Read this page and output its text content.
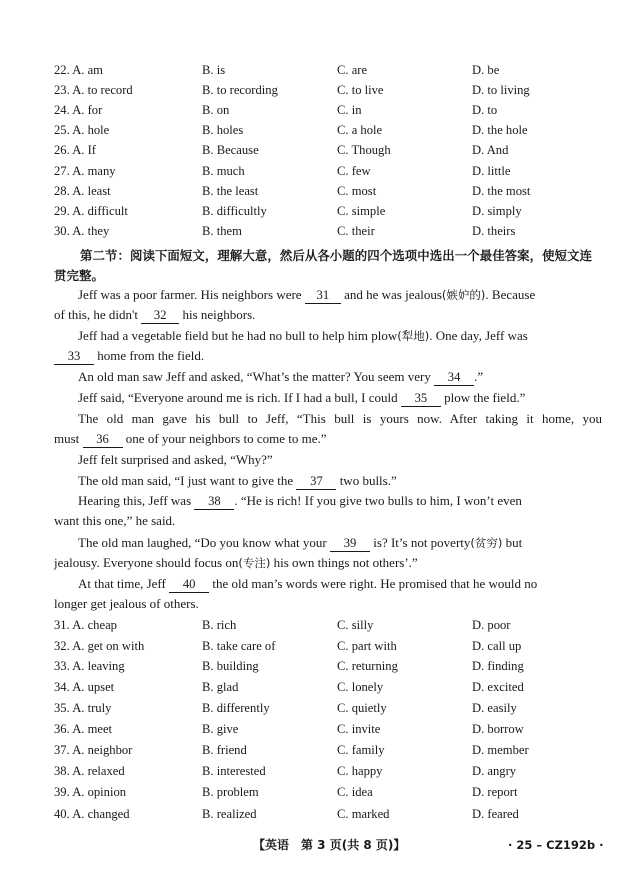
22. A. am	B. is	C. are	D. be
23. A. to record	B. to recording	C. to live	D. to living
24. A. for	B. on	C. in	D. to
25. A. hole	B. holes	C. a hole	D. the hole
26. A. If	B. Because	C. Though	D. And
27. A. many	B. much	C. few	D. little
28. A. least	B. the least	C. most	D. the most
29. A. difficult	B. difficultly	C. simple	D. simply
30. A. they	B. them	C. their	D. theirs
第二节：阅读下面短文，理解大意，然后从各小题的四个选项中选出一个最佳答案，使短文连贯完整。
Jeff was a poor farmer. His neighbors were 31 and he was jealous(嫉妒的). Because
of this, he didn't 32 his neighbors.
Jeff had a vegetable field but he had no bull to help him plow(犁地). One day, Jeff was
33 home from the field.
An old man saw Jeff and asked, “What’s the matter? You seem very 34 .”
Jeff said, “Everyone around me is rich. If I had a bull, I could 35 plow the field.”
The old man gave his bull to Jeff, “This bull is yours now. After taking it home, you
must 36 one of your neighbors to come to me.”
Jeff felt surprised and asked, “Why?”
The old man said, “I just want to give the 37 two bulls.”
Hearing this, Jeff was 38 . “He is rich! If you give two bulls to him, I won’t even
want this one,” he said.
The old man laughed, “Do you know what your 39 is? It’s not poverty(贫穷) but
jealousy. Everyone should focus on(专注) his own things not others’.”
At that time, Jeff 40 the old man’s words were right. He promised that he would no
longer get jealous of others.
31. A. cheap	B. rich	C. silly	D. poor
32. A. get on with	B. take care of	C. part with	D. call up
33. A. leaving	B. building	C. returning	D. finding
34. A. upset	B. glad	C. lonely	D. excited
35. A. truly	B. differently	C. quietly	D. easily
36. A. meet	B. give	C. invite	D. borrow
37. A. neighbor	B. friend	C. family	D. member
38. A. relaxed	B. interested	C. happy	D. angry
39. A. opinion	B. problem	C. idea	D. report
40. A. changed	B. realized	C. marked	D. feared
【英语　第 3 页(共 8 页)】	· 25 – CZ192b ·
